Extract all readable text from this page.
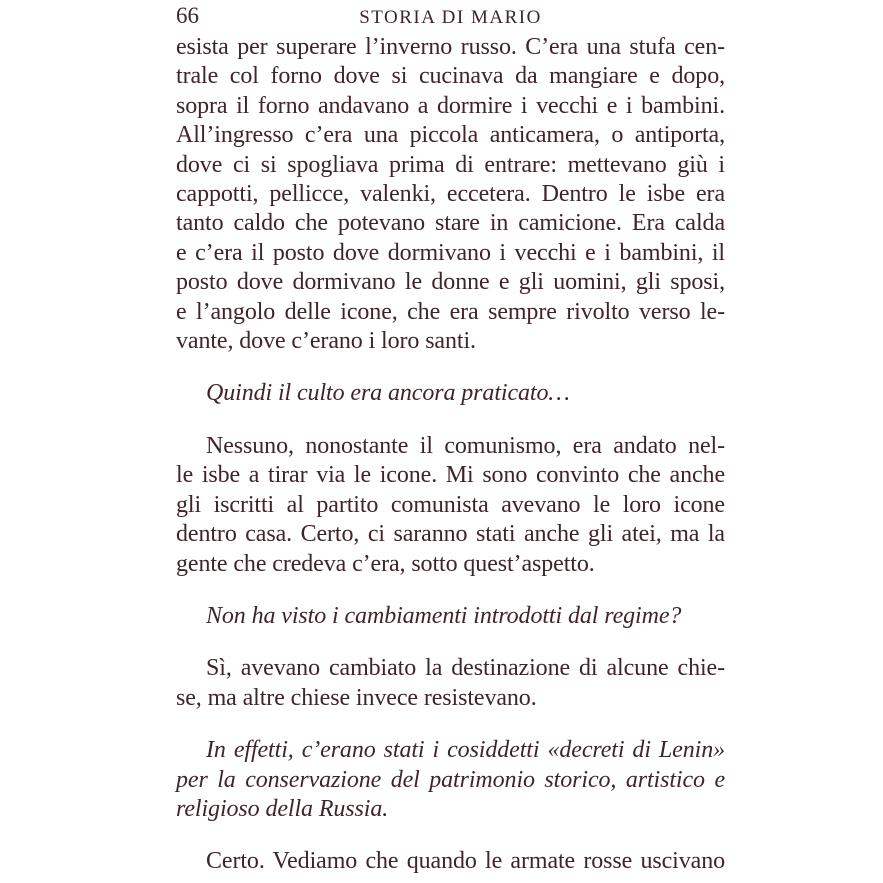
66	STORIA DI MARIO
esista per superare l’inverno russo. C’era una stufa cen-
trale col forno dove si cucinava da mangiare e dopo,
sopra il forno andavano a dormire i vecchi e i bambini.
All’ingresso c’era una piccola anticamera, o antiporta,
dove ci si spogliava prima di entrare: mettevano giù i
cappotti, pellicce, valenki, eccetera. Dentro le isbe era
tanto caldo che potevano stare in camicione. Era calda
e c’era il posto dove dormivano i vecchi e i bambini, il
posto dove dormivano le donne e gli uomini, gli sposi,
e l’angolo delle icone, che era sempre rivolto verso le-
vante, dove c’erano i loro santi.
Quindi il culto era ancora praticato…
Nessuno, nonostante il comunismo, era andato nel-
le isbe a tirar via le icone. Mi sono convinto che anche
gli iscritti al partito comunista avevano le loro icone
dentro casa. Certo, ci saranno stati anche gli atei, ma la
gente che credeva c’era, sotto quest’aspetto.
Non ha visto i cambiamenti introdotti dal regime?
Sì, avevano cambiato la destinazione di alcune chie-
se, ma altre chiese invece resistevano.
In effetti, c’erano stati i cosiddetti «decreti di Lenin»
per la conservazione del patrimonio storico, artistico e
religioso della Russia.
Certo. Vediamo che quando le armate rosse uscivano
